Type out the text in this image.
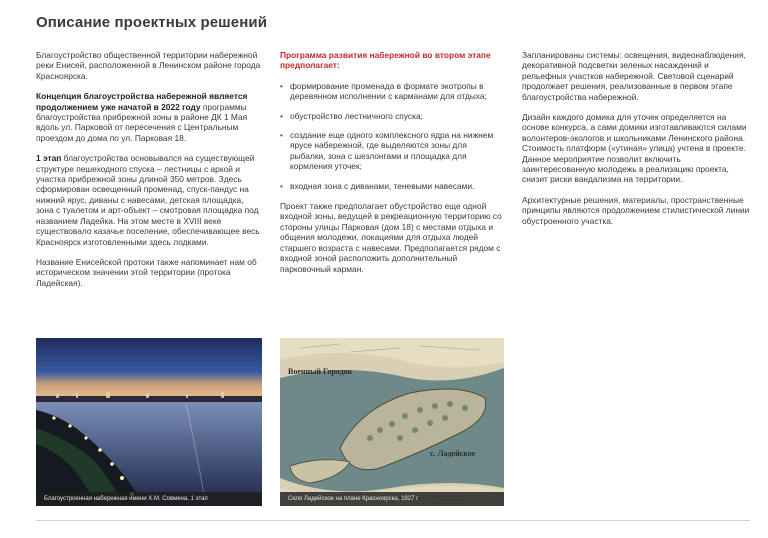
Описание проектных решений

Благоустройство общественной территории набережной реки Енисей, расположенной в Ленинском районе города Красноярска.

Концепция благоустройства набережной является продолжением уже начатой в 2022 году программы благоустройства прибрежной зоны в районе ДК 1 Мая вдоль ул. Парковой от пересечения с Центральным проездом до дома по ул. Парковая 18.

1 этап благоустройства основывался на существующей структуре пешеходного спуска – лестницы с аркой и участка прибрежной зоны длиной 350 метров. Здесь сформирован освещенный променад, спуск-пандус на нижний ярус, диваны с навесами, детская площадка, зона с туалетом и арт-объект – смотровая площадка под названием Ладейка. На этом месте в XVIII веке существовало казачье поселение, обеспечивающее весь Красноярск изготовленными здесь лодками.

Название Енисейской протоки также напоминает нам об историческом значении этой территории (протока Ладейская).

Программа развития набережной во втором этапе предполагает:

• формирование променада в формате экотропы в деревянном исполнении с карманами для отдыха;
• обустройство лестничного спуска;
• создание еще одного комплексного ядра на нижнем ярусе набережной, где выделяются зоны для рыбалки, зона с шезлонгами и площадка для кормления уточек;
• входная зона с диванами, теневыми навесами.

Проект также предполагает обустройство еще одной входной зоны, ведущей в рекреационную территорию со стороны улицы Парковая (дом 18) с местами отдыха и общения молодежи, локациями для отдыха людей старшего возраста с навесами. Предполагается рядом с входной зоной расположить дополнительный парковочный карман.

Запланированы системы: освещения, видеонаблюдения, декоративной подсветки зеленых насаждений и рельефных участков набережной. Световой сценарий продолжает решения, реализованные в первом этапе благоустройства набережной.

Дизайн каждого домика для уточек определяется на основе конкурса, а сами домики изготавливаются силами волонтеров-экологов и школьниками Ленинского района. Стоимость платформ («утиная» улица) учтена в проекте. Данное мероприятие позволит включить заинтересованную молодежь в реализацию проекта, снизит риски вандализма на территории.

Архитектурные решения, материалы, пространственные принципы являются продолжением стилистической линии обустроенного участка.

Благоустроенная набережная имени Х.М. Совмена, 1 этап
Военный Городок
с. Ладейское
Село Ладейское на плане Красноярска, 1927 г
